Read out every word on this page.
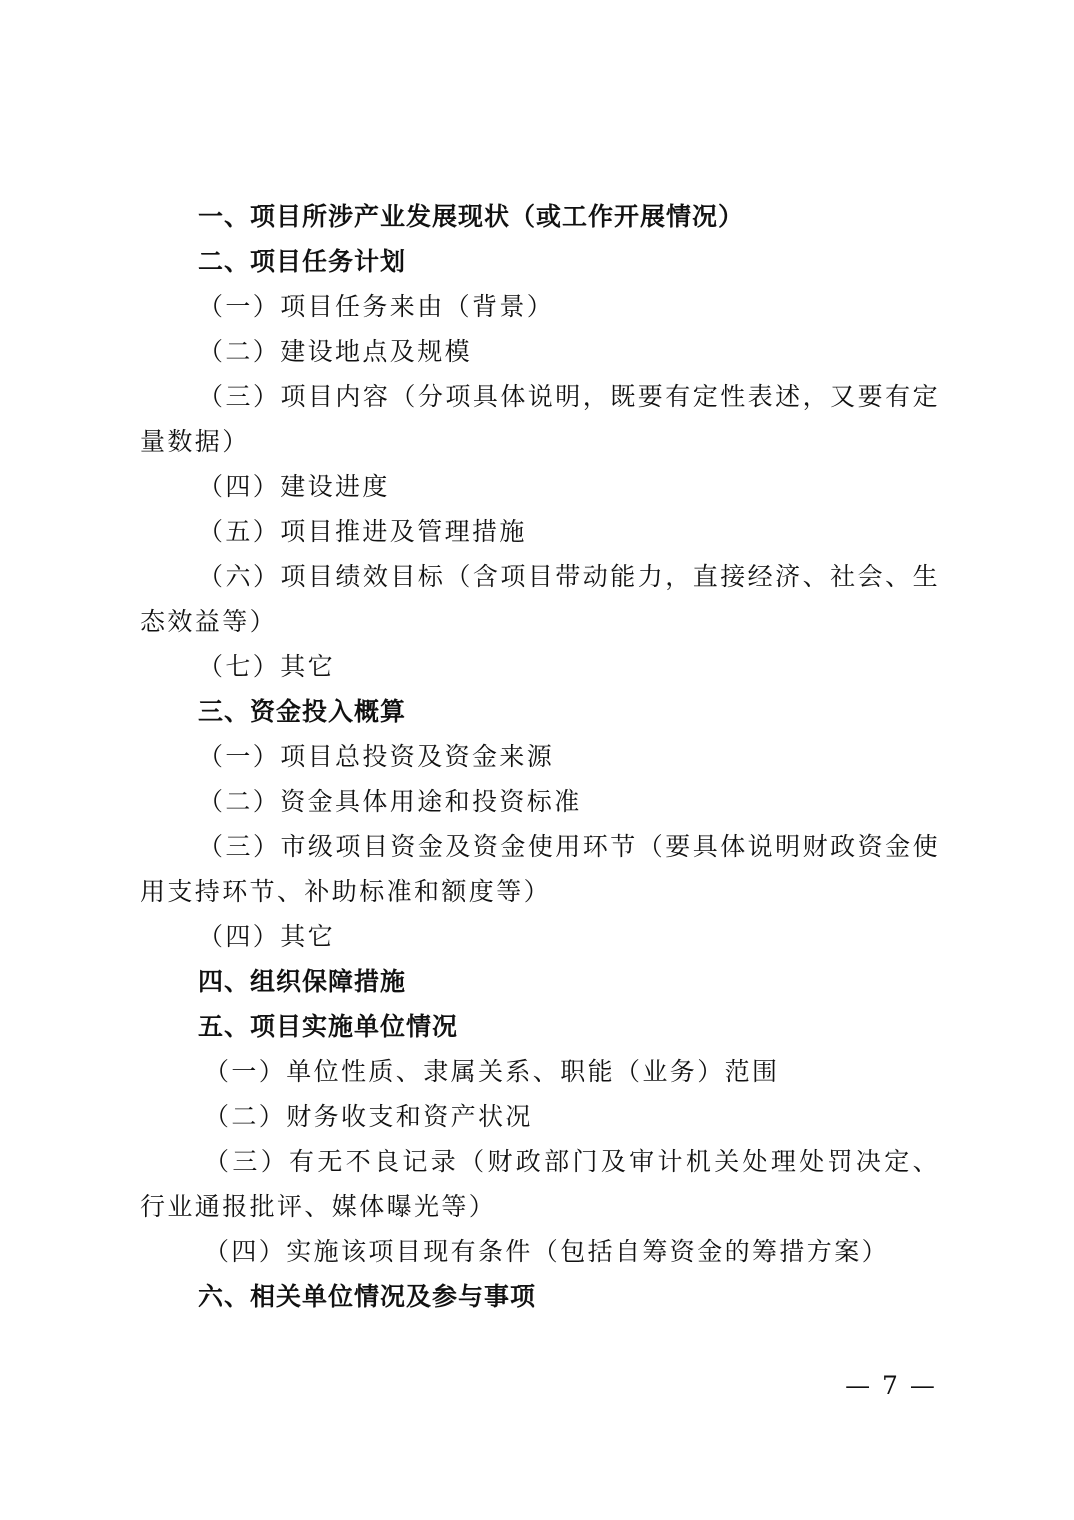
一、项目所涉产业发展现状（或工作开展情况）
二、项目任务计划
（一）项目任务来由（背景）
（二）建设地点及规模
（三）项目内容（分项具体说明，既要有定性表述，又要有定量数据）
（四）建设进度
（五）项目推进及管理措施
（六）项目绩效目标（含项目带动能力，直接经济、社会、生态效益等）
（七）其它
三、资金投入概算
（一）项目总投资及资金来源
（二）资金具体用途和投资标准
（三）市级项目资金及资金使用环节（要具体说明财政资金使用支持环节、补助标准和额度等）
（四）其它
四、组织保障措施
五、项目实施单位情况
（一）单位性质、隶属关系、职能（业务）范围
（二）财务收支和资产状况
（三）有无不良记录（财政部门及审计机关处理处罚决定、行业通报批评、媒体曝光等）
（四）实施该项目现有条件（包括自筹资金的筹措方案）
六、相关单位情况及参与事项
— 7 —
